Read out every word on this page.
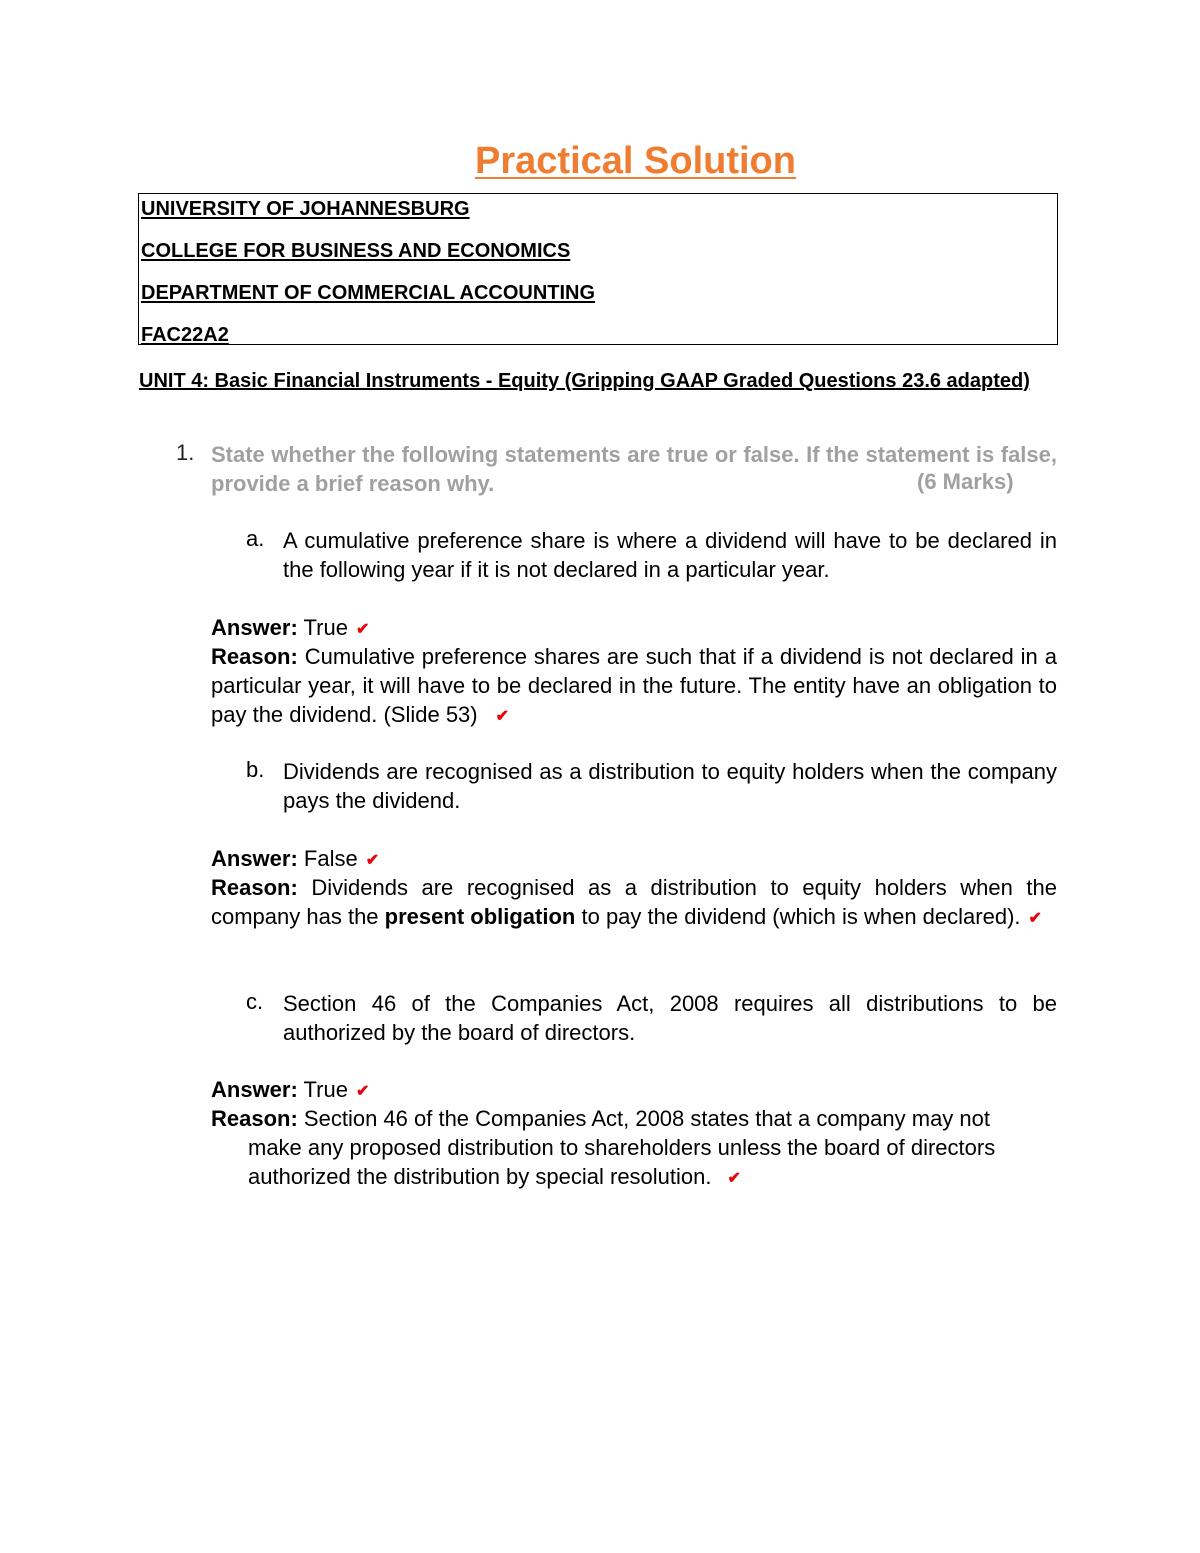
Practical Solution
UNIVERSITY OF JOHANNESBURG
COLLEGE FOR BUSINESS AND ECONOMICS
DEPARTMENT OF COMMERCIAL ACCOUNTING
FAC22A2
UNIT 4: Basic Financial Instruments - Equity (Gripping GAAP Graded Questions 23.6 adapted)
1. State whether the following statements are true or false. If the statement is false, provide a brief reason why.	(6 Marks)
a. A cumulative preference share is where a dividend will have to be declared in the following year if it is not declared in a particular year.
Answer: True ✔
Reason: Cumulative preference shares are such that if a dividend is not declared in a particular year, it will have to be declared in the future. The entity have an obligation to pay the dividend. (Slide 53) ✔
b. Dividends are recognised as a distribution to equity holders when the company pays the dividend.
Answer: False ✔
Reason: Dividends are recognised as a distribution to equity holders when the company has the present obligation to pay the dividend (which is when declared). ✔
c. Section 46 of the Companies Act, 2008 requires all distributions to be authorized by the board of directors.
Answer: True ✔
Reason: Section 46 of the Companies Act, 2008 states that a company may not
make any proposed distribution to shareholders unless the board of directors authorized the distribution by special resolution. ✔
